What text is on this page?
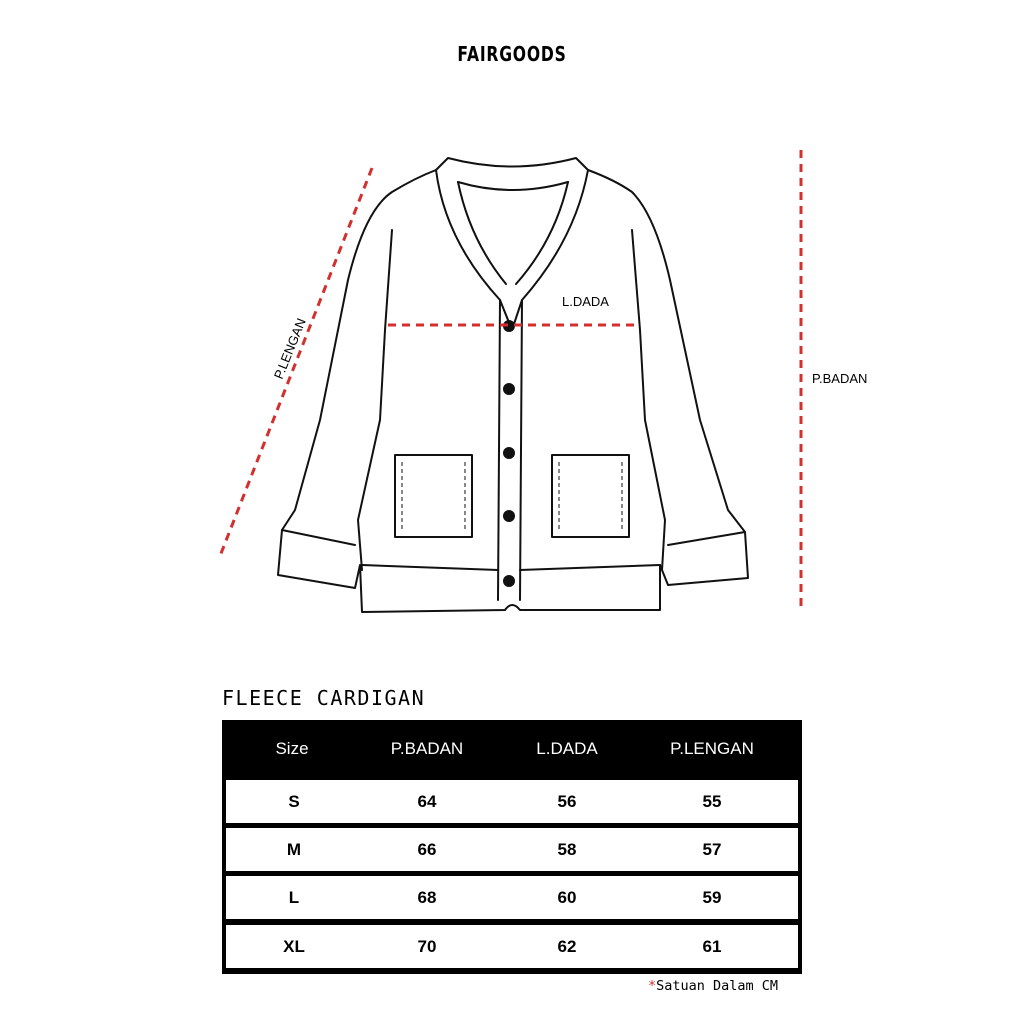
FAIRGOODS
P.LENGAN
L.DADA
P.BADAN
FLEECE CARDIGAN
Size	P.BADAN	L.DADA	P.LENGAN
S	64	56	55
M	66	58	57
L	68	60	59
XL	70	62	61
*Satuan Dalam CM
